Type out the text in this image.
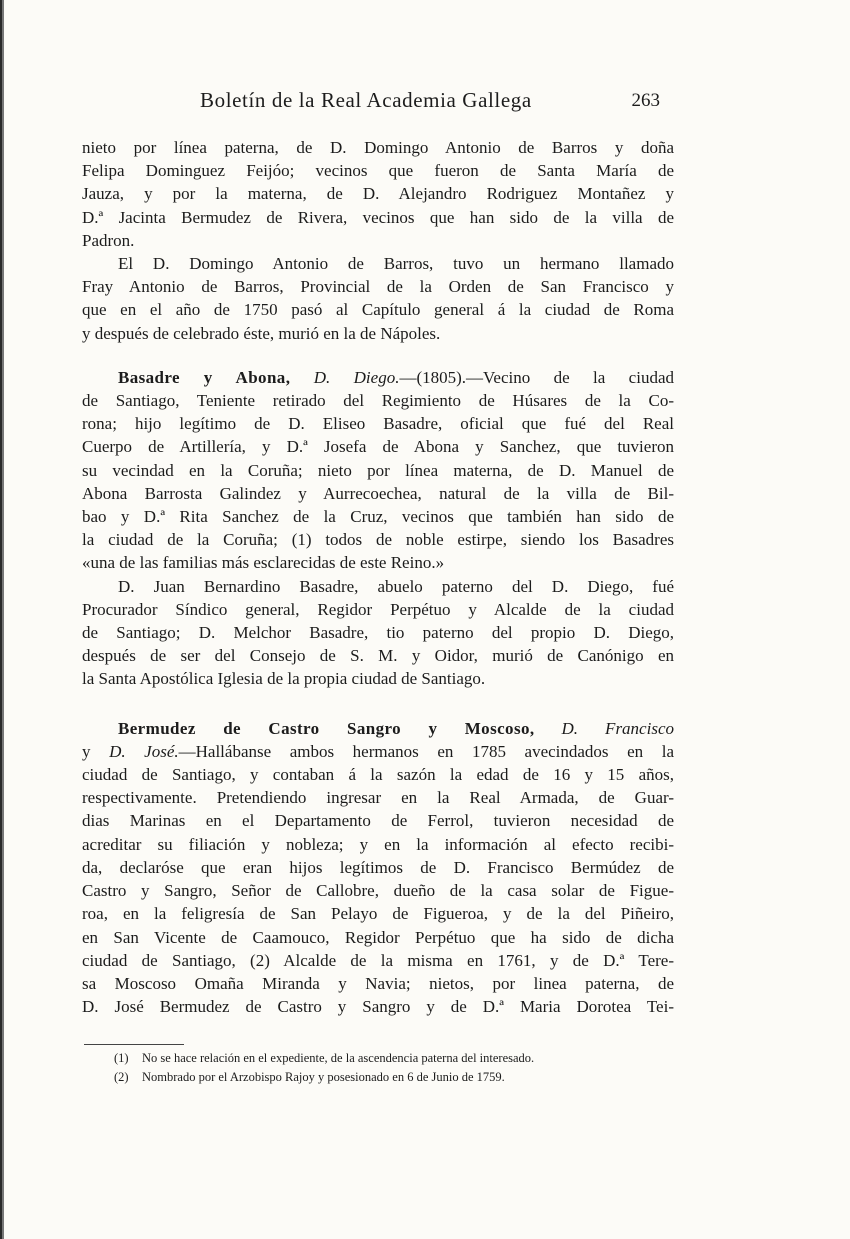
Boletín de la Real Academia Gallega	263

nieto por línea paterna, de D. Domingo Antonio de Barros y doña
Felipa Dominguez Feijóo; vecinos que fueron de Santa María de
Jauza, y por la materna, de D. Alejandro Rodriguez Montañez y
D.ª Jacinta Bermudez de Rivera, vecinos que han sido de la villa de
Padron.

El D. Domingo Antonio de Barros, tuvo un hermano llamado
Fray Antonio de Barros, Provincial de la Orden de San Francisco y
que en el año de 1750 pasó al Capítulo general á la ciudad de Roma
y después de celebrado éste, murió en la de Nápoles.

Basadre y Abona, D. Diego.—(1805).—Vecino de la ciudad
de Santiago, Teniente retirado del Regimiento de Húsares de la Co-
rona; hijo legítimo de D. Eliseo Basadre, oficial que fué del Real
Cuerpo de Artillería, y D.ª Josefa de Abona y Sanchez, que tuvieron
su vecindad en la Coruña; nieto por línea materna, de D. Manuel de
Abona Barrosta Galindez y Aurrecoechea, natural de la villa de Bil-
bao y D.ª Rita Sanchez de la Cruz, vecinos que también han sido de
la ciudad de la Coruña; (1) todos de noble estirpe, siendo los Basadres
«una de las familias más esclarecidas de este Reino.»

D. Juan Bernardino Basadre, abuelo paterno del D. Diego, fué
Procurador Síndico general, Regidor Perpétuo y Alcalde de la ciudad
de Santiago; D. Melchor Basadre, tio paterno del propio D. Diego,
después de ser del Consejo de S. M. y Oidor, murió de Canónigo en
la Santa Apostólica Iglesia de la propia ciudad de Santiago.

Bermudez de Castro Sangro y Moscoso, D. Francisco
y D. José.—Hallábanse ambos hermanos en 1785 avecindados en la
ciudad de Santiago, y contaban á la sazón la edad de 16 y 15 años,
respectivamente. Pretendiendo ingresar en la Real Armada, de Guar-
dias Marinas en el Departamento de Ferrol, tuvieron necesidad de
acreditar su filiación y nobleza; y en la información al efecto recibi-
da, declaróse que eran hijos legítimos de D. Francisco Bermúdez de
Castro y Sangro, Señor de Callobre, dueño de la casa solar de Figue-
roa, en la feligresía de San Pelayo de Figueroa, y de la del Piñeiro,
en San Vicente de Caamouco, Regidor Perpétuo que ha sido de dicha
ciudad de Santiago, (2) Alcalde de la misma en 1761, y de D.ª Tere-
sa Moscoso Omaña Miranda y Navia; nietos, por linea paterna, de
D. José Bermudez de Castro y Sangro y de D.ª Maria Dorotea Tei-

(1) No se hace relación en el expediente, de la ascendencia paterna del interesado.

(2) Nombrado por el Arzobispo Rajoy y posesionado en 6 de Junio de 1759.
